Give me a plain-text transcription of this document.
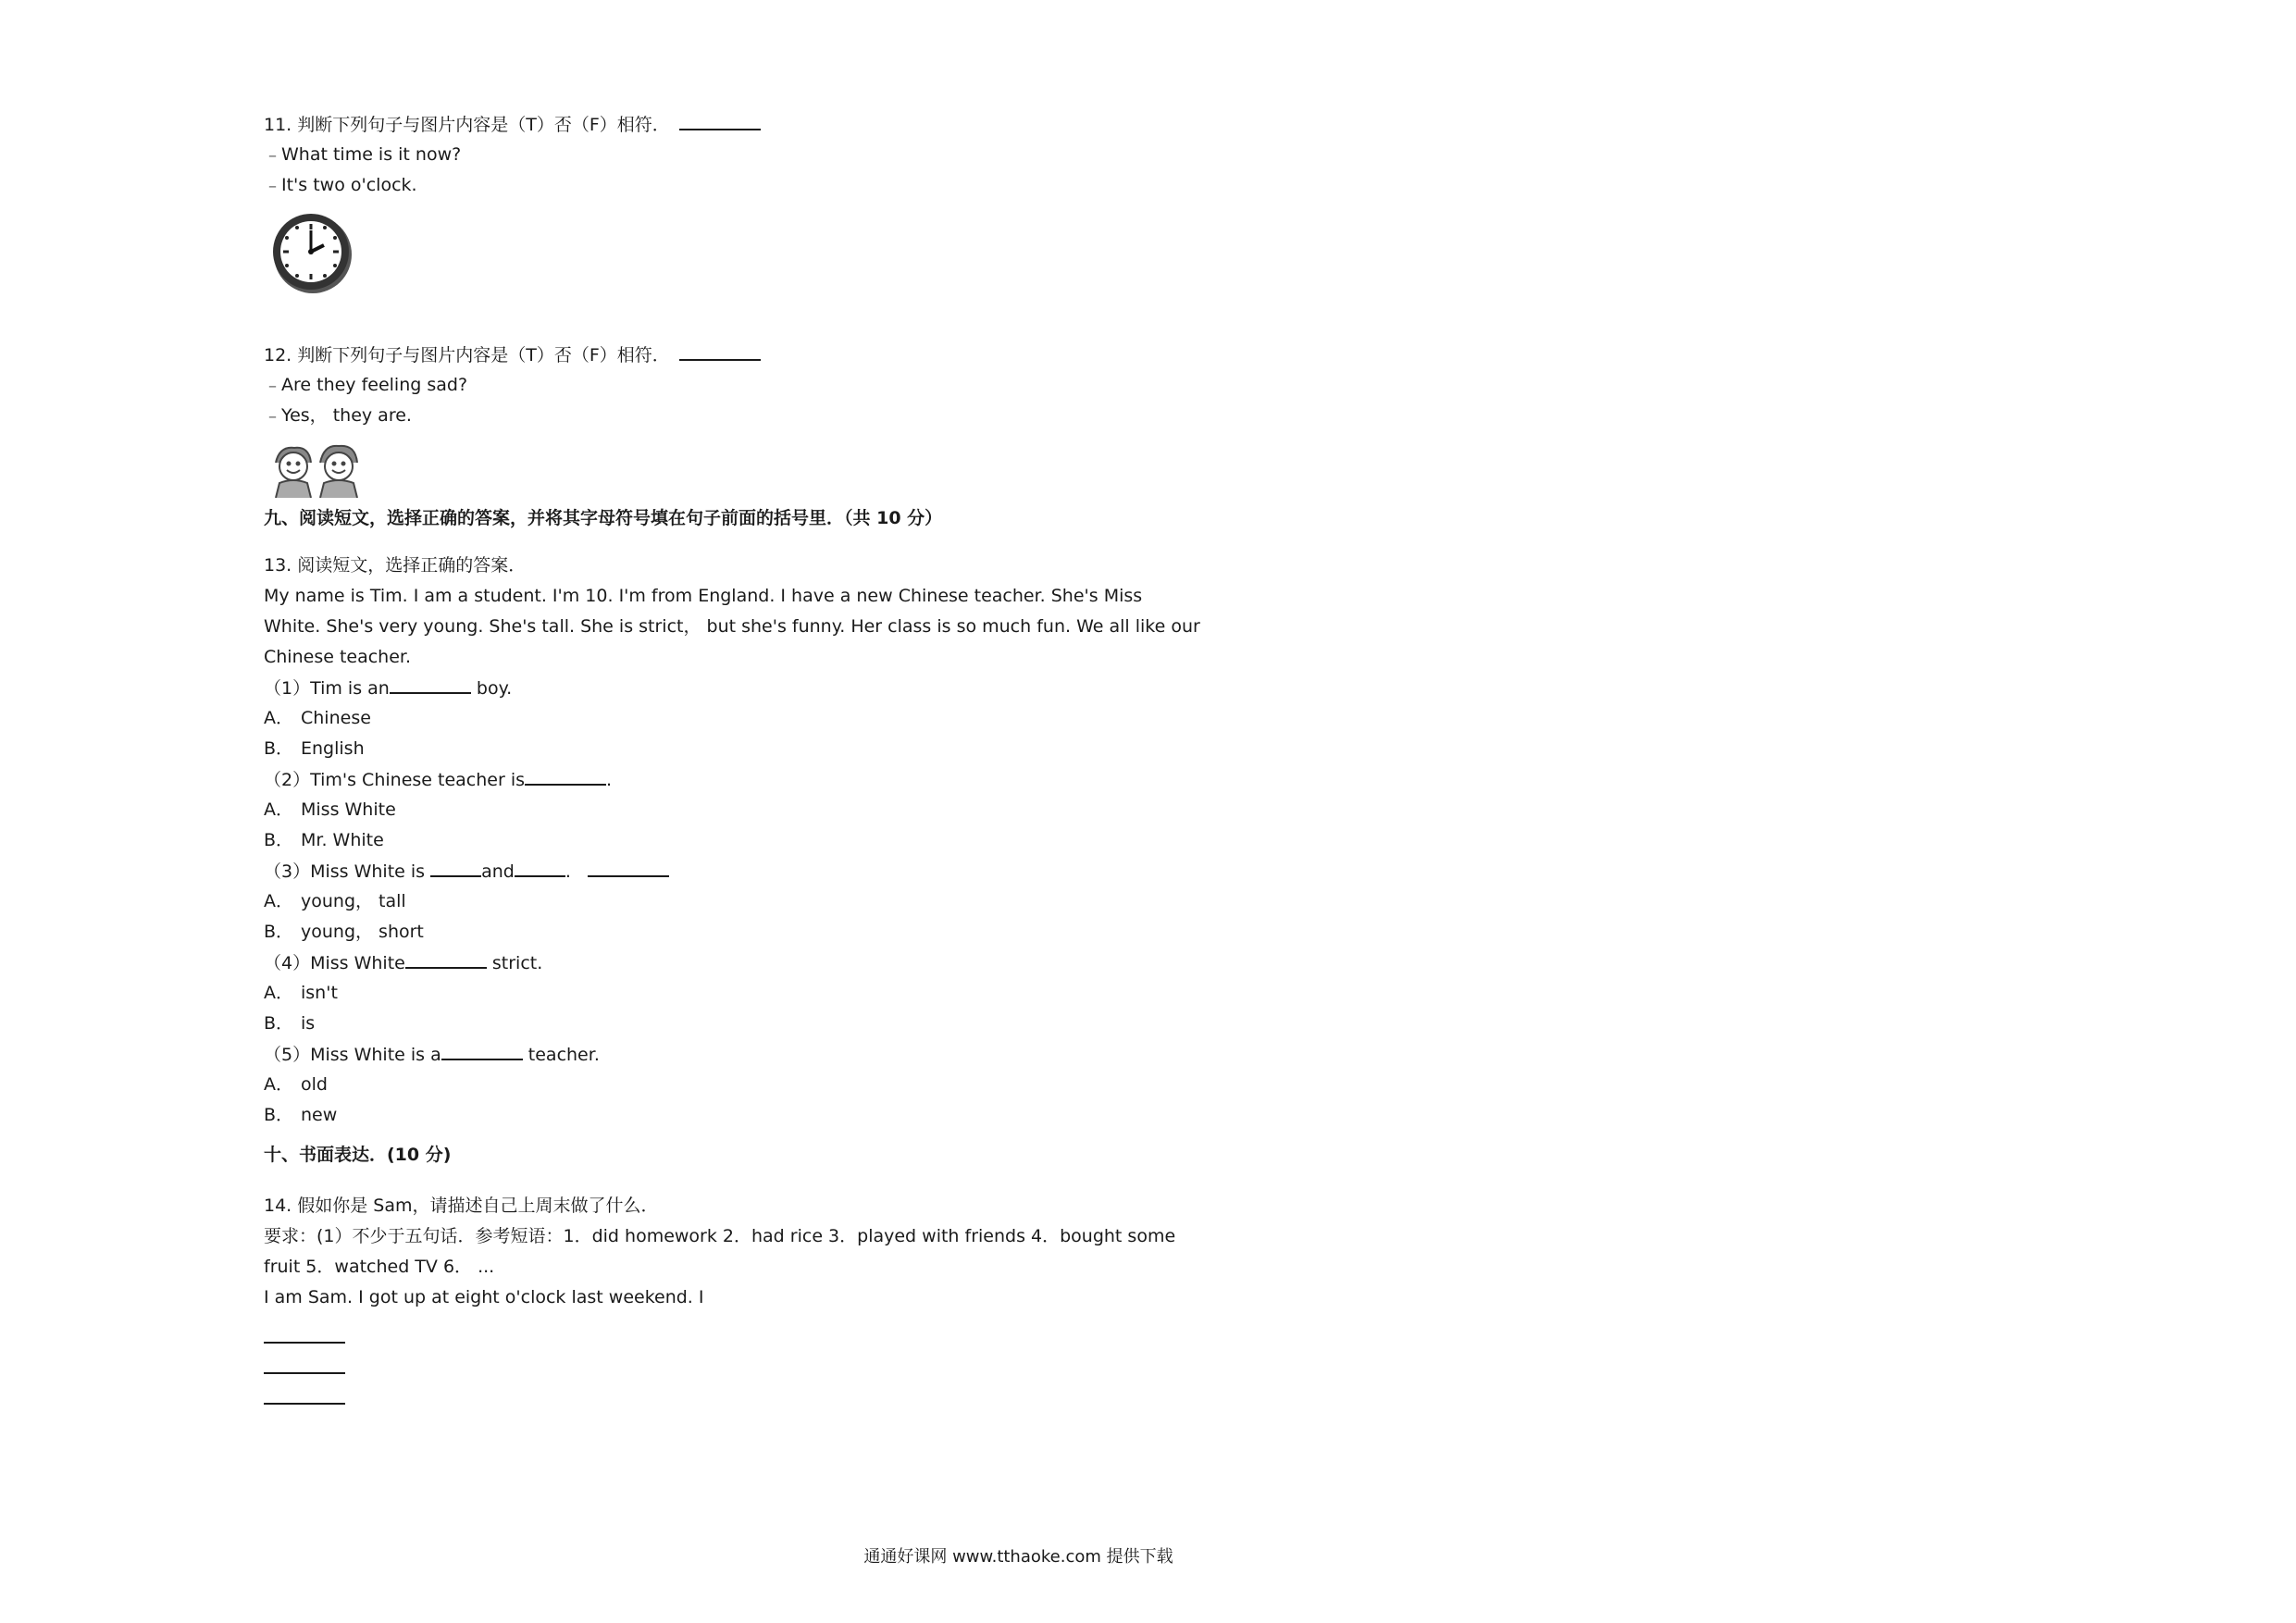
11. 判断下列句子与图片内容是（T）否（F）相符．
﹣What time is it now?
﹣It's two o'clock.
12. 判断下列句子与图片内容是（T）否（F）相符．
﹣Are they feeling sad?
﹣Yes， they are.
九、阅读短文，选择正确的答案，并将其字母符号填在句子前面的括号里．（共 10 分）
13. 阅读短文，选择正确的答案．
My name is Tim. I am a student. I'm 10. I'm from England. I have a new Chinese teacher. She's Miss
White. She's very young. She's tall. She is strict， but she's funny. Her class is so much fun. We all like our
Chinese teacher.
（1）Tim is an	boy.
A． Chinese
B． English
（2）Tim's Chinese teacher is	.
A． Miss White
B． Mr. White
（3）Miss White is	and	.
A． young， tall
B． young， short
（4）Miss White	strict.
A． isn't
B． is
（5）Miss White is a	teacher.
A． old
B． new
十、书面表达．(10 分)
14. 假如你是 Sam，请描述自己上周末做了什么．
要求：(1）不少于五句话．参考短语：1．did homework 2．had rice 3．played with friends 4．bought some
fruit 5．watched TV 6． ...
I am Sam. I got up at eight o'clock last weekend. I
通通好课网 www.tthaoke.com 提供下载
